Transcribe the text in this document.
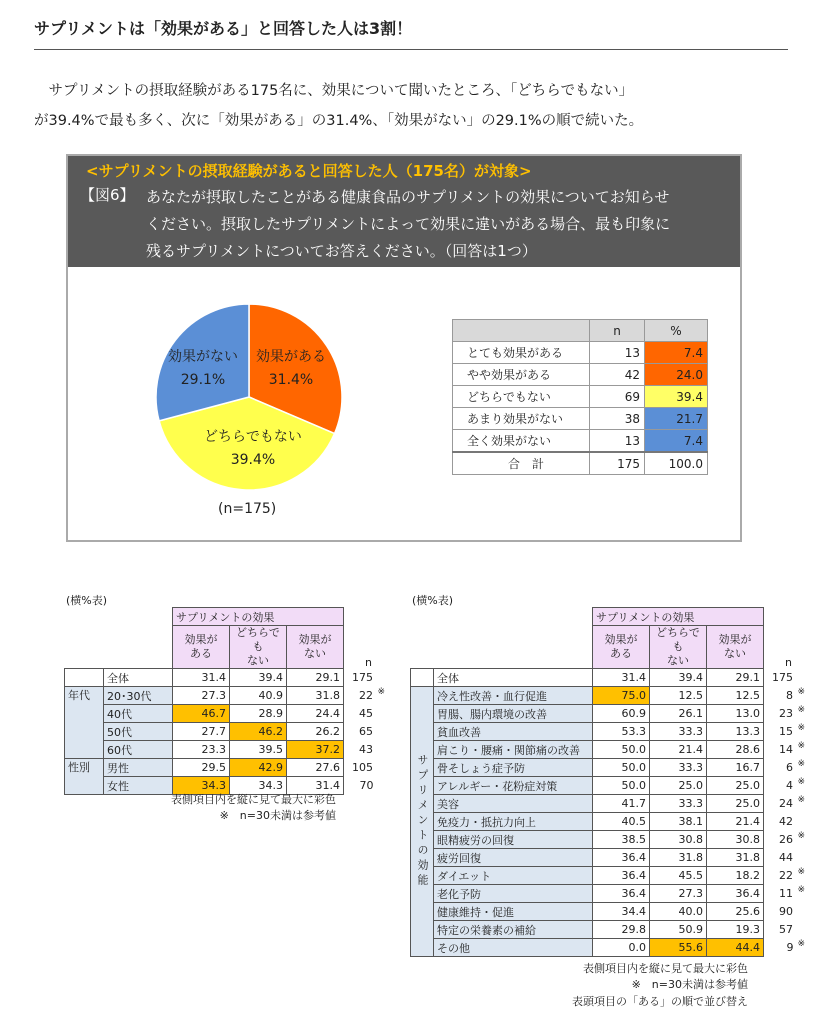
サプリメントは「効果がある」と回答した人は3割！
　サプリメントの摂取経験がある175名に、効果について聞いたところ、「どちらでもない」
が39.4%で最も多く、次に「効果がある」の31.4%、「効果がない」の29.1%の順で続いた。
<サプリメントの摂取経験があると回答した人（175名）が対象>
【図6】 あなたが摂取したことがある健康食品のサプリメントの効果についてお知らせ
ください。摂取したサプリメントによって効果に違いがある場合、最も印象に
残るサプリメントについてお答えください。（回答は1つ）
効果がある
31.4%
どちらでもない
39.4%
効果がない
29.1%
(n=175)
	n	%
とても効果がある	13	7.4
やや効果がある	42	24.0
どちらでもない	69	39.4
あまり効果がない	38	21.7
全く効果がない	13	7.4
合　計	175	100.0
(横%表)
		サプリメントの効果				
		効果が
ある	どちらでも
ない	効果が
ない	n	
	全体	31.4	39.4	29.1	175	
年代	20･30代	27.3	40.9	31.8	22	※
	40代	46.7	28.9	24.4	45	
	50代	27.7	46.2	26.2	65	
	60代	23.3	39.5	37.2	43	
性別	男性	29.5	42.9	27.6	105	
	女性	34.3	34.3	31.4	70	
表側項目内を縦に見て最大に彩色
※　n=30未満は参考値
(横%表)
		サプリメントの効果				
		効果が
ある	どちらでも
ない	効果が
ない	n	
	全体	31.4	39.4	29.1	175	
サプリメントの効能	冷え性改善・血行促進	75.0	12.5	12.5	8	※
	胃腸、腸内環境の改善	60.9	26.1	13.0	23	※
	貧血改善	53.3	33.3	13.3	15	※
	肩こり・腰痛・関節痛の改善	50.0	21.4	28.6	14	※
	骨そしょう症予防	50.0	33.3	16.7	6	※
	アレルギー・花粉症対策	50.0	25.0	25.0	4	※
	美容	41.7	33.3	25.0	24	※
	免疫力・抵抗力向上	40.5	38.1	21.4	42	
	眼精疲労の回復	38.5	30.8	30.8	26	※
	疲労回復	36.4	31.8	31.8	44	
	ダイエット	36.4	45.5	18.2	22	※
	老化予防	36.4	27.3	36.4	11	※
	健康維持・促進	34.4	40.0	25.6	90	
	特定の栄養素の補給	29.8	50.9	19.3	57	
	その他	0.0	55.6	44.4	9	※
表側項目内を縦に見て最大に彩色
※　n=30未満は参考値
表頭項目の「ある」の順で並び替え
